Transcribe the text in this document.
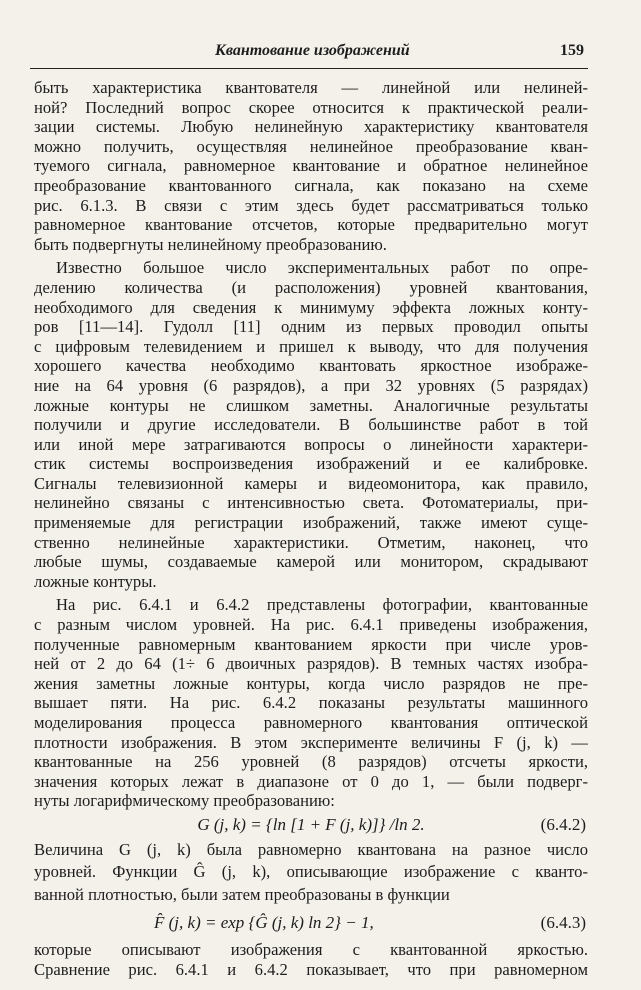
Квантование изображений	159
быть характеристика квантователя — линейной или нелиней-
ной? Последний вопрос скорее относится к практической реали-
зации системы. Любую нелинейную характеристику квантователя
можно получить, осуществляя нелинейное преобразование кван-
туемого сигнала, равномерное квантование и обратное нелинейное
преобразование квантованного сигнала, как показано на схеме
рис. 6.1.3. В связи с этим здесь будет рассматриваться только
равномерное квантование отсчетов, которые предварительно могут
быть подвергнуты нелинейному преобразованию.
Известно большое число экспериментальных работ по опре-
делению количества (и расположения) уровней квантования,
необходимого для сведения к минимуму эффекта ложных конту-
ров [11—14]. Гудолл [11] одним из первых проводил опыты
с цифровым телевидением и пришел к выводу, что для получения
хорошего качества необходимо квантовать яркостное изображе-
ние на 64 уровня (6 разрядов), а при 32 уровнях (5 разрядах)
ложные контуры не слишком заметны. Аналогичные результаты
получили и другие исследователи. В большинстве работ в той
или иной мере затрагиваются вопросы о линейности характери-
стик системы воспроизведения изображений и ее калибровке.
Сигналы телевизионной камеры и видеомонитора, как правило,
нелинейно связаны с интенсивностью света. Фотоматериалы, при-
применяемые для регистрации изображений, также имеют суще-
ственно нелинейные характеристики. Отметим, наконец, что
любые шумы, создаваемые камерой или монитором, скрадывают
ложные контуры.
На рис. 6.4.1 и 6.4.2 представлены фотографии, квантованные
с разным числом уровней. На рис. 6.4.1 приведены изображения,
полученные равномерным квантованием яркости при числе уров-
ней от 2 до 64 (1÷ 6 двоичных разрядов). В темных частях изобра-
жения заметны ложные контуры, когда число разрядов не пре-
вышает пяти. На рис. 6.4.2 показаны результаты машинного
моделирования процесса равномерного квантования оптической
плотности изображения. В этом эксперименте величины F (j, k) —
квантованные на 256 уровней (8 разрядов) отсчеты яркости,
значения которых лежат в диапазоне от 0 до 1, — были подверг-
нуты логарифмическому преобразованию:
G (j, k) = {ln [1 + F (j, k)]} /ln 2.	(6.4.2)
Величина G (j, k) была равномерно квантована на разное число
уровней. Функции Ĝ (j, k), описывающие изображение с кванто-
ванной плотностью, были затем преобразованы в функции
F̂ (j, k) = exp {Ĝ (j, k) ln 2} − 1,	(6.4.3)
которые описывают изображения с квантованной яркостью.
Сравнение рис. 6.4.1 и 6.4.2 показывает, что при равномерном
